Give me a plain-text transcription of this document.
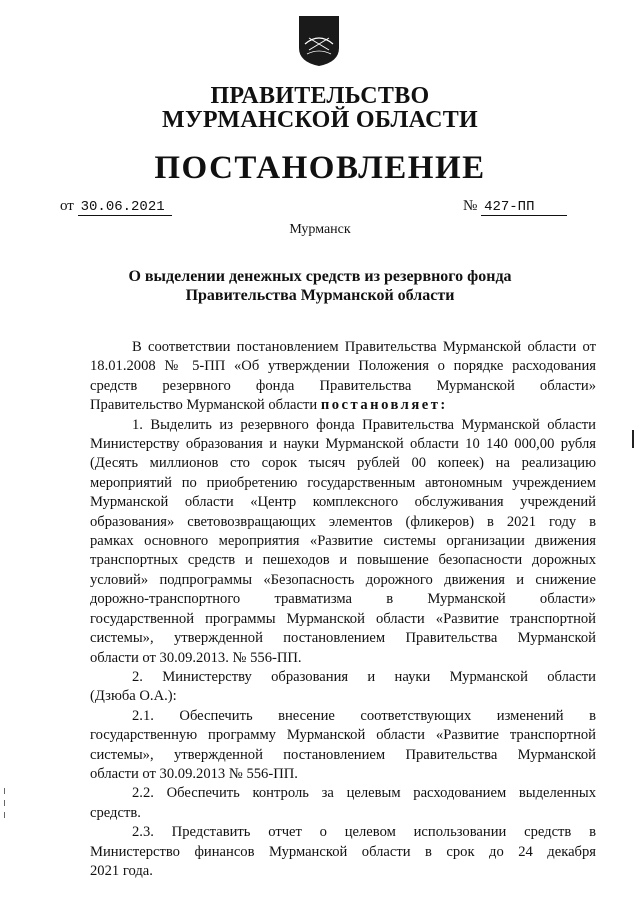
ПРАВИТЕЛЬСТВО
МУРМАНСКОЙ ОБЛАСТИ
ПОСТАНОВЛЕНИЕ
от 30.06.2021	№ 427-ПП
Мурманск
О выделении денежных средств из резервного фонда
Правительства Мурманской области

В соответствии постановлением Правительства Мурманской области от

18.01.2008 № 5-ПП «Об утверждении Положения о порядке расходования

средств резервного фонда Правительства Мурманской области»

Правительство Мурманской области постановляет:

1. Выделить из резервного фонда Правительства Мурманской области

Министерству образования и науки Мурманской области 10 140 000,00 рубля

(Десять миллионов сто сорок тысяч рублей 00 копеек) на реализацию

мероприятий по приобретению государственным автономным учреждением

Мурманской области «Центр комплексного обслуживания учреждений

образования» световозвращающих элементов (фликеров) в 2021 году в

рамках основного мероприятия «Развитие системы организации движения

транспортных средств и пешеходов и повышение безопасности дорожных

условий» подпрограммы «Безопасность дорожного движения и снижение

дорожно-транспортного травматизма в Мурманской области»

государственной программы Мурманской области «Развитие транспортной

системы», утвержденной постановлением Правительства Мурманской

области от 30.09.2013. № 556-ПП.

2. Министерству образования и науки Мурманской области

(Дзюба О.А.):

2.1. Обеспечить внесение соответствующих изменений в

государственную программу Мурманской области «Развитие транспортной

системы», утвержденной постановлением Правительства Мурманской

области от 30.09.2013 № 556-ПП.

2.2. Обеспечить контроль за целевым расходованием выделенных

средств.

2.3. Представить отчет о целевом использовании средств в

Министерство финансов Мурманской области в срок до 24 декабря

2021 года.
